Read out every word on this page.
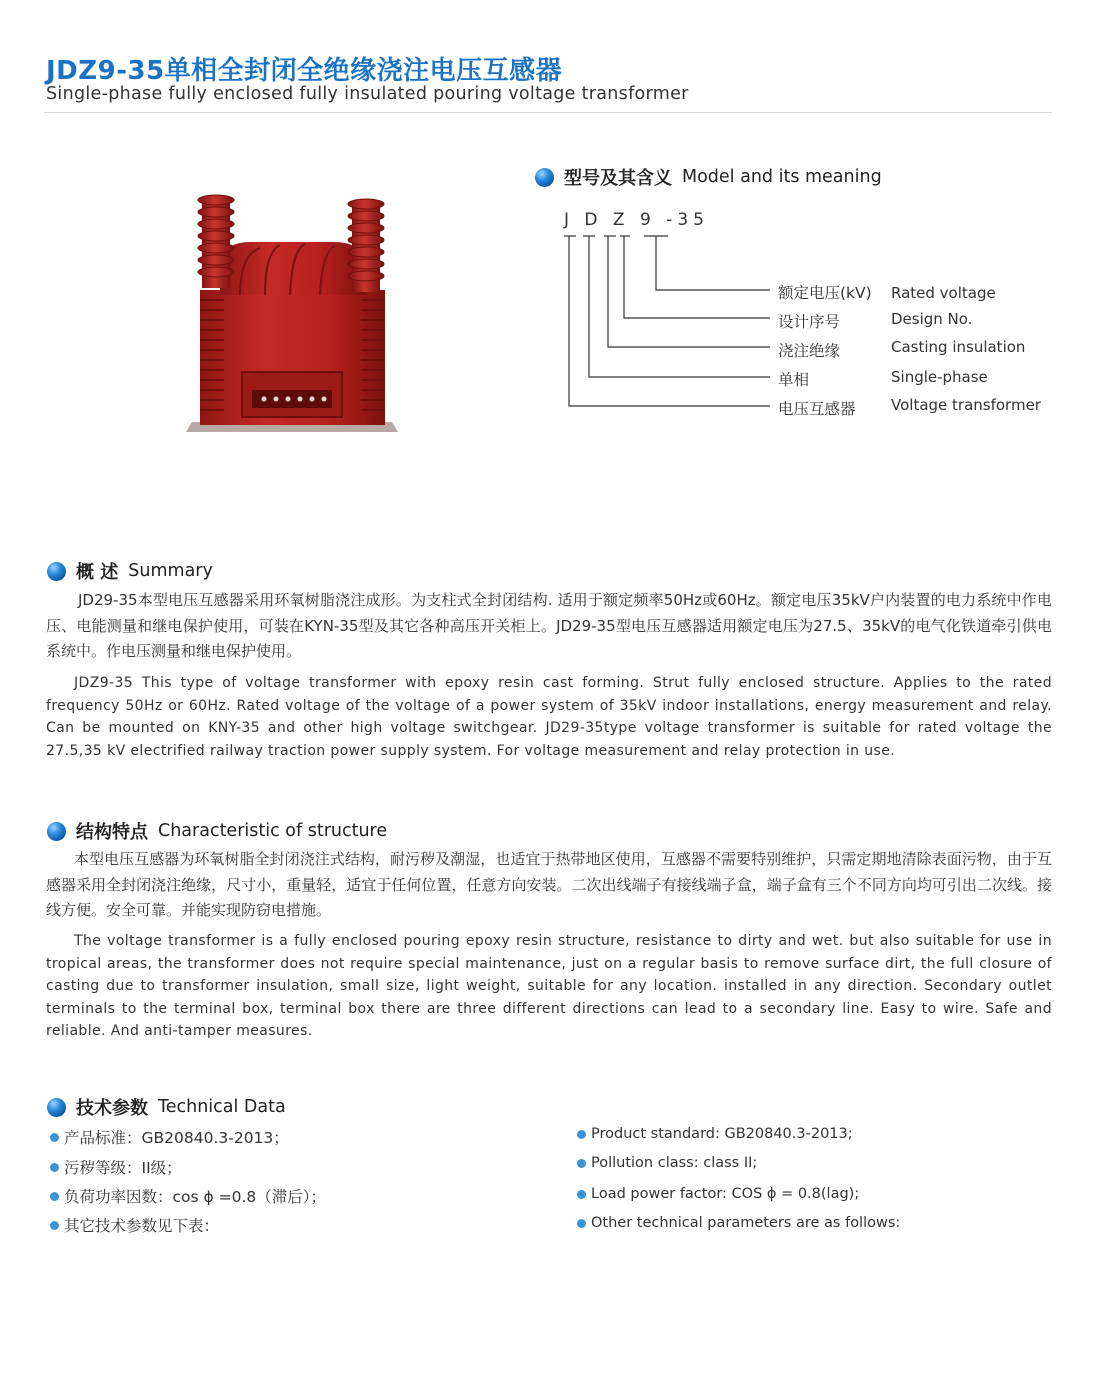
JDZ9-35单相全封闭全绝缘浇注电压互感器
Single-phase fully enclosed fully insulated pouring voltage transformer
型号及其含义 Model and its meaning
J D Z 9 -35
额定电压(kV) Rated voltage
设计序号	Design No.
浇注绝缘	Casting insulation
单相	Single-phase
电压互感器 Voltage transformer
概 述 Summary
JD29-35本型电压互感器采用环氧树脂浇注成形。为支柱式全封闭结构. 适用于额定频率50Hz或60Hz。额定电压35kV户内装置的电力系统中作电压、电能测量和继电保护使用，可装在KYN-35型及其它各种高压开关柜上。JD29-35型电压互感器适用额定电压为27.5、35kV的电气化铁道牵引供电系统中。作电压测量和继电保护使用。
JDZ9-35 This type of voltage transformer with epoxy resin cast forming. Strut fully enclosed structure. Applies to the rated frequency 50Hz or 60Hz. Rated voltage of the voltage of a power system of 35kV indoor installations, energy measurement and relay. Can be mounted on KNY-35 and other high voltage switchgear. JD29-35type voltage transformer is suitable for rated voltage the 27.5,35 kV electrified railway traction power supply system. For voltage measurement and relay protection in use.
结构特点 Characteristic of structure
本型电压互感器为环氧树脂全封闭浇注式结构，耐污秽及潮湿，也适宜于热带地区使用，互感器不需要特别维护，只需定期地清除表面污物，由于互感器采用全封闭浇注绝缘，尺寸小，重量轻，适宜于任何位置，任意方向安装。二次出线端子有接线端子盒，端子盒有三个不同方向均可引出二次线。接线方便。安全可靠。并能实现防窃电措施。
The voltage transformer is a fully enclosed pouring epoxy resin structure, resistance to dirty and wet. but also suitable for use in tropical areas, the transformer does not require special maintenance, just on a regular basis to remove surface dirt, the full closure of casting due to transformer insulation, small size, light weight, suitable for any location. installed in any direction. Secondary outlet terminals to the terminal box, terminal box there are three different directions can lead to a secondary line. Easy to wire. Safe and reliable. And anti-tamper measures.
技术参数 Technical Data
产品标准：GB20840.3-2013；
污秽等级：II级；
负荷功率因数：cos ϕ =0.8（滞后）；
其它技术参数见下表：
Product standard: GB20840.3-2013;
Pollution class: class II;
Load power factor: COS ϕ = 0.8(lag);
Other technical parameters are as follows:
